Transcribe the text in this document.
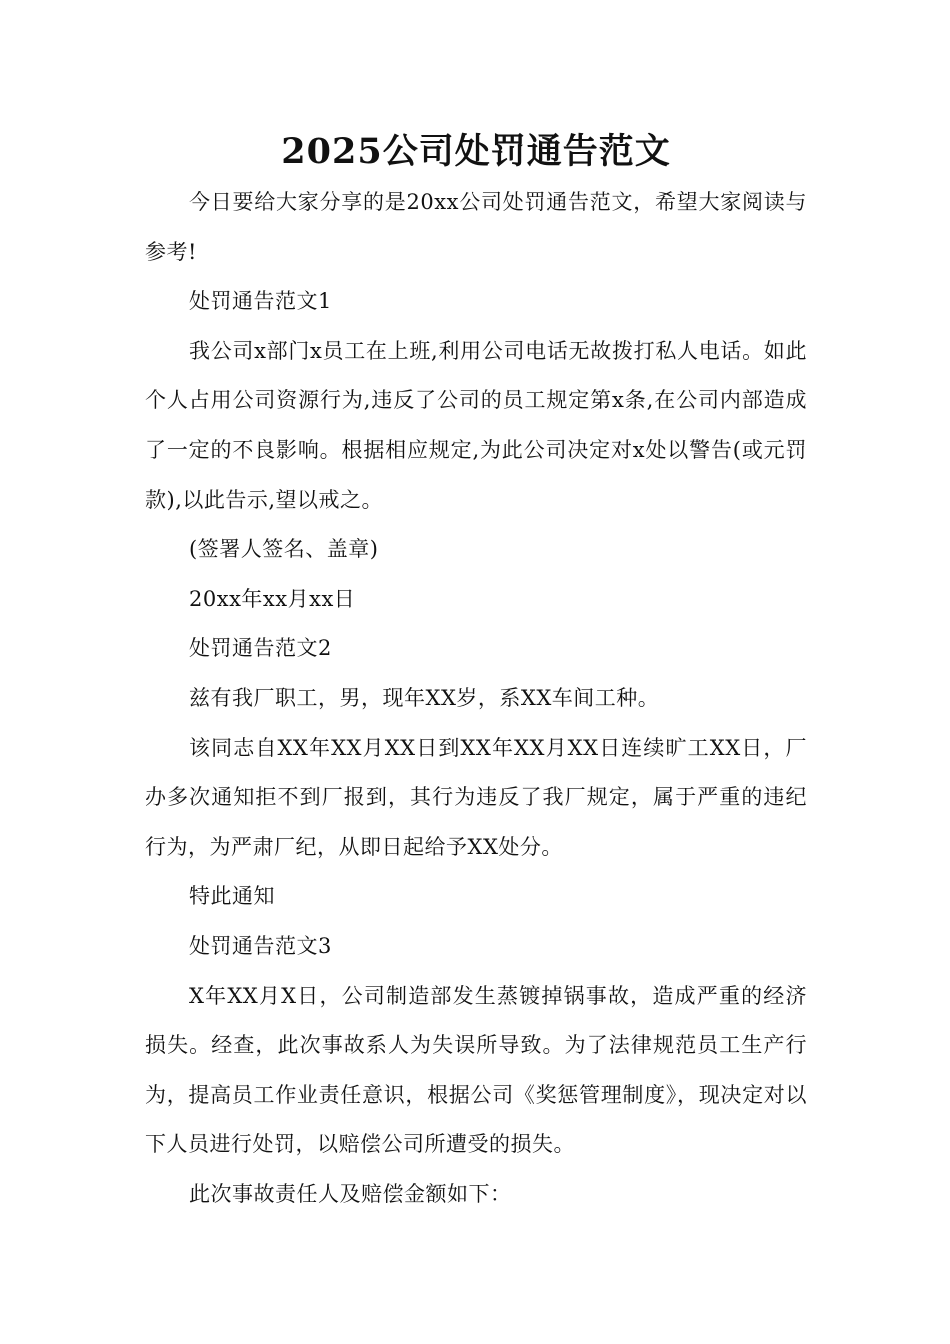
2025公司处罚通告范文

今日要给大家分享的是20xx公司处罚通告范文，希望大家阅读与参考!

处罚通告范文1

我公司x部门x员工在上班,利用公司电话无故拨打私人电话。如此个人占用公司资源行为,违反了公司的员工规定第x条,在公司内部造成了一定的不良影响。根据相应规定,为此公司决定对x处以警告(或元罚款),以此告示,望以戒之。

(签署人签名、盖章)

20xx年xx月xx日

处罚通告范文2

兹有我厂职工，男，现年XX岁，系XX车间工种。

该同志自XX年XX月XX日到XX年XX月XX日连续旷工XX日，厂办多次通知拒不到厂报到，其行为违反了我厂规定，属于严重的违纪行为，为严肃厂纪，从即日起给予XX处分。

特此通知

处罚通告范文3

X年XX月X日，公司制造部发生蒸镀掉锅事故，造成严重的经济损失。经查，此次事故系人为失误所导致。为了法律规范员工生产行为，提高员工作业责任意识，根据公司《奖惩管理制度》，现决定对以下人员进行处罚，以赔偿公司所遭受的损失。

此次事故责任人及赔偿金额如下：
